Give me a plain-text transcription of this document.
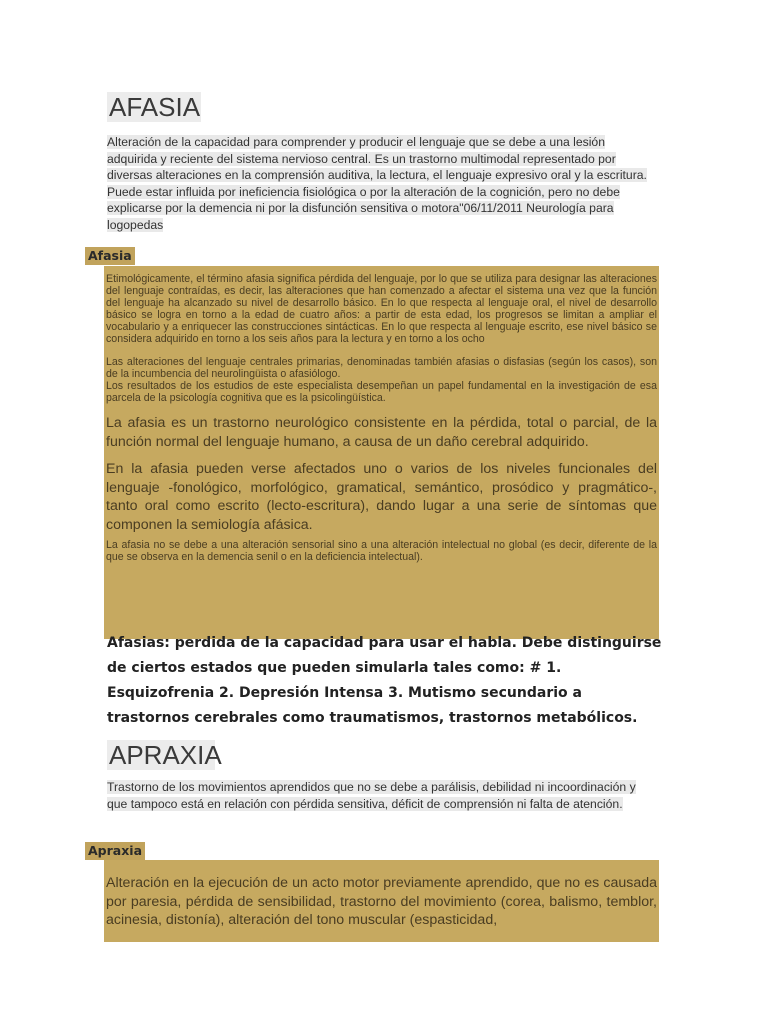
AFASIA
Alteración de la capacidad para comprender y producir el lenguaje que se debe a una lesión adquirida y reciente del sistema nervioso central. Es un trastorno multimodal representado por diversas alteraciones en la comprensión auditiva, la lectura, el lenguaje expresivo oral y la escritura. Puede estar influida por ineficiencia fisiológica o por la alteración de la cognición, pero no debe explicarse por la demencia ni por la disfunción sensitiva o motora"06/11/2011 Neurología para logopedas
Afasia

Etimológicamente, el término afasia significa pérdida del lenguaje, por lo que se utiliza para designar las alteraciones del lenguaje contraídas, es decir, las alteraciones que han comenzado a afectar el sistema una vez que la función del lenguaje ha alcanzado su nivel de desarrollo básico. En lo que respecta al lenguaje oral, el nivel de desarrollo básico se logra en torno a la edad de cuatro años: a partir de esta edad, los progresos se limitan a ampliar el vocabulario y a enriquecer las construcciones sintácticas. En lo que respecta al lenguaje escrito, ese nivel básico se considera adquirido en torno a los seis años para la lectura y en torno a los ocho

Las alteraciones del lenguaje centrales primarias, denominadas también afasias o disfasias (según los casos), son de la incumbencia del neurolingüista o afasiólogo.

Los resultados de los estudios de este especialista desempeñan un papel fundamental en la investigación de esa parcela de la psicología cognitiva que es la psicolingüística.

La afasia es un trastorno neurológico consistente en la pérdida, total o parcial, de la función normal del lenguaje humano, a causa de un daño cerebral adquirido.

En la afasia pueden verse afectados uno o varios de los niveles funcionales del lenguaje -fonológico, morfológico, gramatical, semántico, prosódico y pragmático-, tanto oral como escrito (lecto-escritura), dando lugar a una serie de síntomas que componen la semiología afásica.

La afasia no se debe a una alteración sensorial sino a una alteración intelectual no global (es decir, diferente de la que se observa en la demencia senil o en la deficiencia intelectual).

Afasias: perdida de la capacidad para usar el habla. Debe distinguirse de ciertos estados que pueden simularla tales como: # 1. Esquizofrenia 2. Depresión Intensa 3. Mutismo secundario a trastornos cerebrales como traumatismos, trastornos metabólicos.
APRAXIA
Trastorno de los movimientos aprendidos que no se debe a parálisis, debilidad ni incoordinación y que tampoco está en relación con pérdida sensitiva, déficit de comprensión ni falta de atención.
Apraxia

Alteración en la ejecución de un acto motor previamente aprendido, que no es causada por paresia, pérdida de sensibilidad, trastorno del movimiento (corea, balismo, temblor, acinesia, distonía), alteración del tono muscular (espasticidad,
